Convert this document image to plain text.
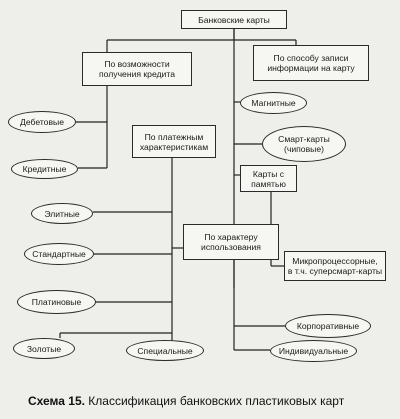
Банковские карты
По возможности
получения кредита
По способу записи
информации на карту
По платежным
характеристикам
По характеру
использования
Дебетовые
Кредитные
Магнитные
Смарт-карты
(чиповые)
Карты с
памятью
Микропроцессорные,
в т.ч. суперсмарт-карты
Элитные
Стандартные
Платиновые
Золотые	Специальные
Корпоративные
Индивидуальные
Схема 15. Классификация банковских пластиковых карт
